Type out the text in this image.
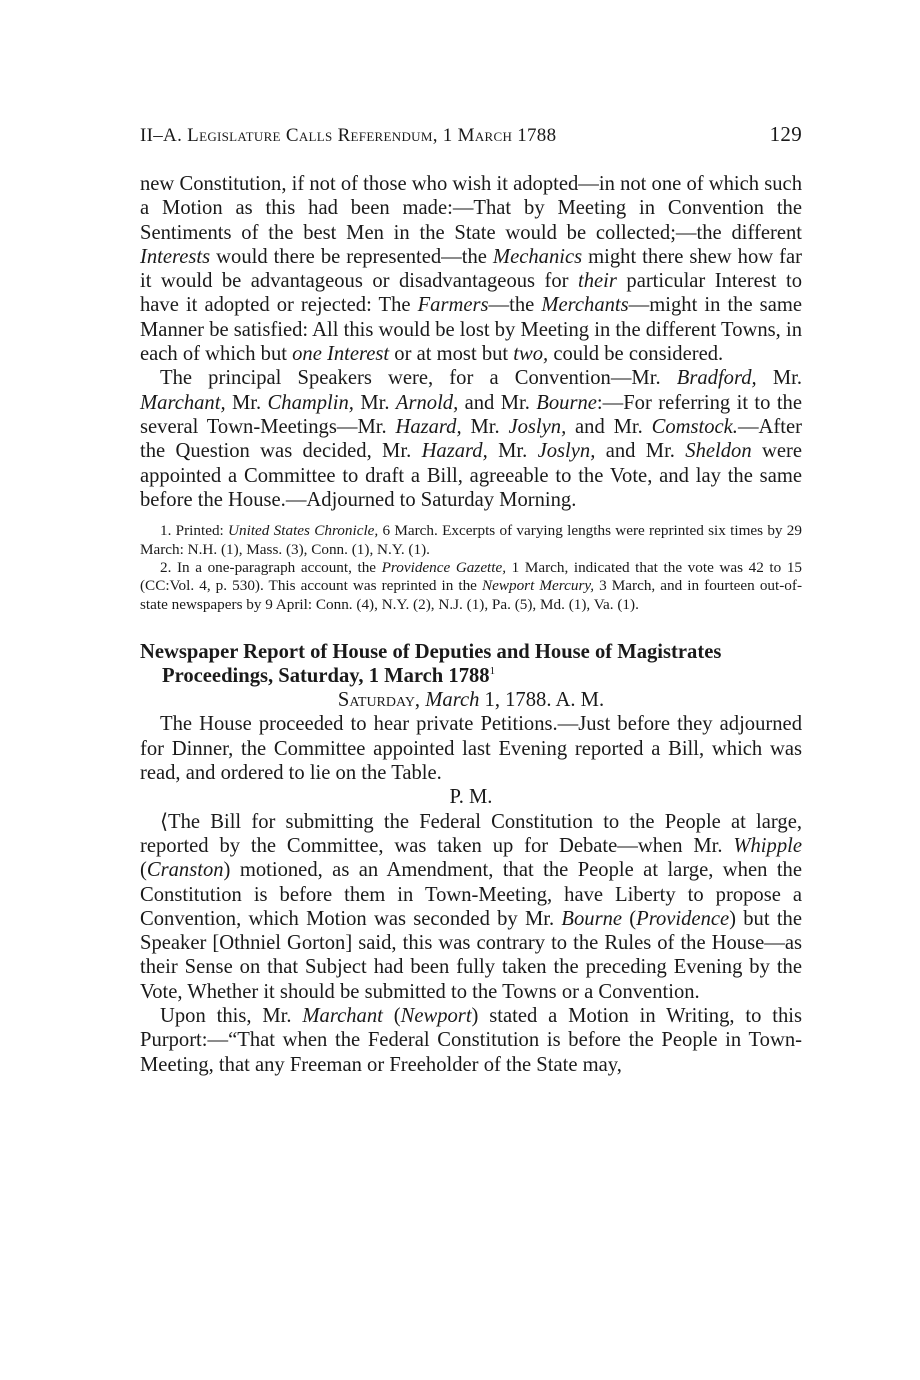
II–A. Legislature Calls Referendum, 1 March 1788	129

new Constitution, if not of those who wish it adopted—in not one of which such a Motion as this had been made:—That by Meeting in Convention the Sentiments of the best Men in the State would be collected;—the different Interests would there be represented—the Mechanics might there shew how far it would be advantageous or disadvantageous for their particular Interest to have it adopted or rejected: The Farmers—the Merchants—might in the same Manner be satisfied: All this would be lost by Meeting in the different Towns, in each of which but one Interest or at most but two, could be considered.

The principal Speakers were, for a Convention—Mr. Bradford, Mr. Marchant, Mr. Champlin, Mr. Arnold, and Mr. Bourne:—For referring it to the several Town-Meetings—Mr. Hazard, Mr. Joslyn, and Mr. Comstock.—After the Question was decided, Mr. Hazard, Mr. Joslyn, and Mr. Sheldon were appointed a Committee to draft a Bill, agreeable to the Vote, and lay the same before the House.—Adjourned to Saturday Morning.

1. Printed: United States Chronicle, 6 March. Excerpts of varying lengths were reprinted six times by 29 March: N.H. (1), Mass. (3), Conn. (1), N.Y. (1).

2. In a one-paragraph account, the Providence Gazette, 1 March, indicated that the vote was 42 to 15 (CC:Vol. 4, p. 530). This account was reprinted in the Newport Mercury, 3 March, and in fourteen out-of-state newspapers by 9 April: Conn. (4), N.Y. (2), N.J. (1), Pa. (5), Md. (1), Va. (1).

Newspaper Report of House of Deputies and House of Magistrates Proceedings, Saturday, 1 March 1788$^1$

Saturday, March 1, 1788. A. M.

The House proceeded to hear private Petitions.—Just before they adjourned for Dinner, the Committee appointed last Evening reported a Bill, which was read, and ordered to lie on the Table.

P. M.

⟨The Bill for submitting the Federal Constitution to the People at large, reported by the Committee, was taken up for Debate—when Mr. Whipple (Cranston) motioned, as an Amendment, that the People at large, when the Constitution is before them in Town-Meeting, have Liberty to propose a Convention, which Motion was seconded by Mr. Bourne (Providence) but the Speaker [Othniel Gorton] said, this was contrary to the Rules of the House—as their Sense on that Subject had been fully taken the preceding Evening by the Vote, Whether it should be submitted to the Towns or a Convention.

Upon this, Mr. Marchant (Newport) stated a Motion in Writing, to this Purport:—“That when the Federal Constitution is before the People in Town-Meeting, that any Freeman or Freeholder of the State may,
